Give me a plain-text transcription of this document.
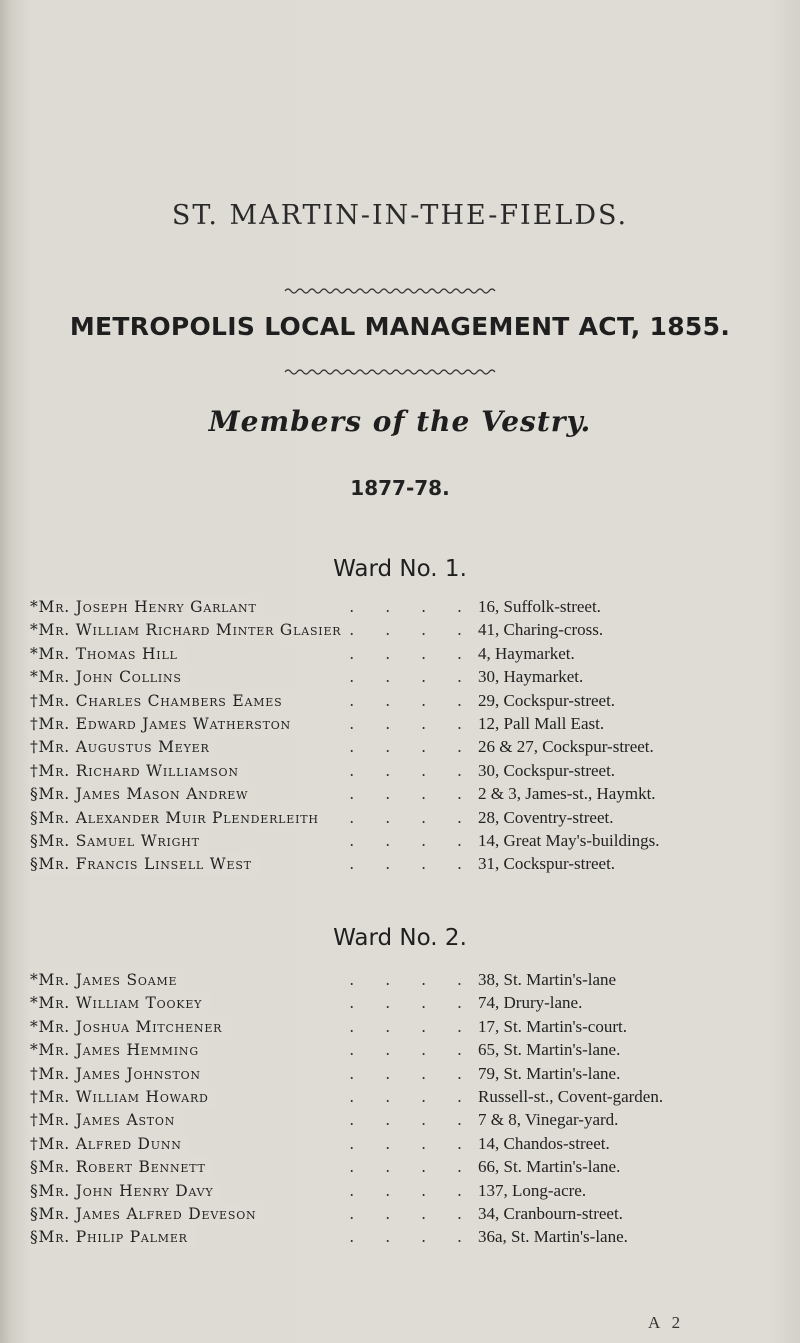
ST. MARTIN-IN-THE-FIELDS.
METROPOLIS LOCAL MANAGEMENT ACT, 1855.
Members of the Vestry.
1877-78.
Ward No. 1.
.  .  .  .
*Mr. Joseph Henry Garlant	16, Suffolk-street.
.  .  .  .
*Mr. William Richard Minter Glasier	41, Charing-cross.
.  .  .  .
*Mr. Thomas Hill	4, Haymarket.
.  .  .  .
*Mr. John Collins	30, Haymarket.
.  .  .  .
†Mr. Charles Chambers Eames	29, Cockspur-street.
.  .  .  .
†Mr. Edward James Watherston	12, Pall Mall East.
.  .  .  .
†Mr. Augustus Meyer	26 & 27, Cockspur-street.
.  .  .  .
†Mr. Richard Williamson	30, Cockspur-street.
.  .  .  .
§Mr. James Mason Andrew	2 & 3, James-st., Haymkt.
.  .  .  .
§Mr. Alexander Muir Plenderleith	28, Coventry-street.
.  .  .  .
§Mr. Samuel Wright	14, Great May's-buildings.
.  .  .  .
§Mr. Francis Linsell West	31, Cockspur-street.
Ward No. 2.
.  .  .  .
*Mr. James Soame	38, St. Martin's-lane
.  .  .  .
*Mr. William Tookey	74, Drury-lane.
.  .  .  .
*Mr. Joshua Mitchener	17, St. Martin's-court.
.  .  .  .
*Mr. James Hemming	65, St. Martin's-lane.
.  .  .  .
†Mr. James Johnston	79, St. Martin's-lane.
.  .  .  .
†Mr. William Howard	Russell-st., Covent-garden.
.  .  .  .
†Mr. James Aston	7 & 8, Vinegar-yard.
.  .  .  .
†Mr. Alfred Dunn	14, Chandos-street.
.  .  .  .
§Mr. Robert Bennett	66, St. Martin's-lane.
.  .  .  .
§Mr. John Henry Davy	137, Long-acre.
.  .  .  .
§Mr. James Alfred Deveson	34, Cranbourn-street.
.  .  .  .
§Mr. Philip Palmer	36a, St. Martin's-lane.
A 2
